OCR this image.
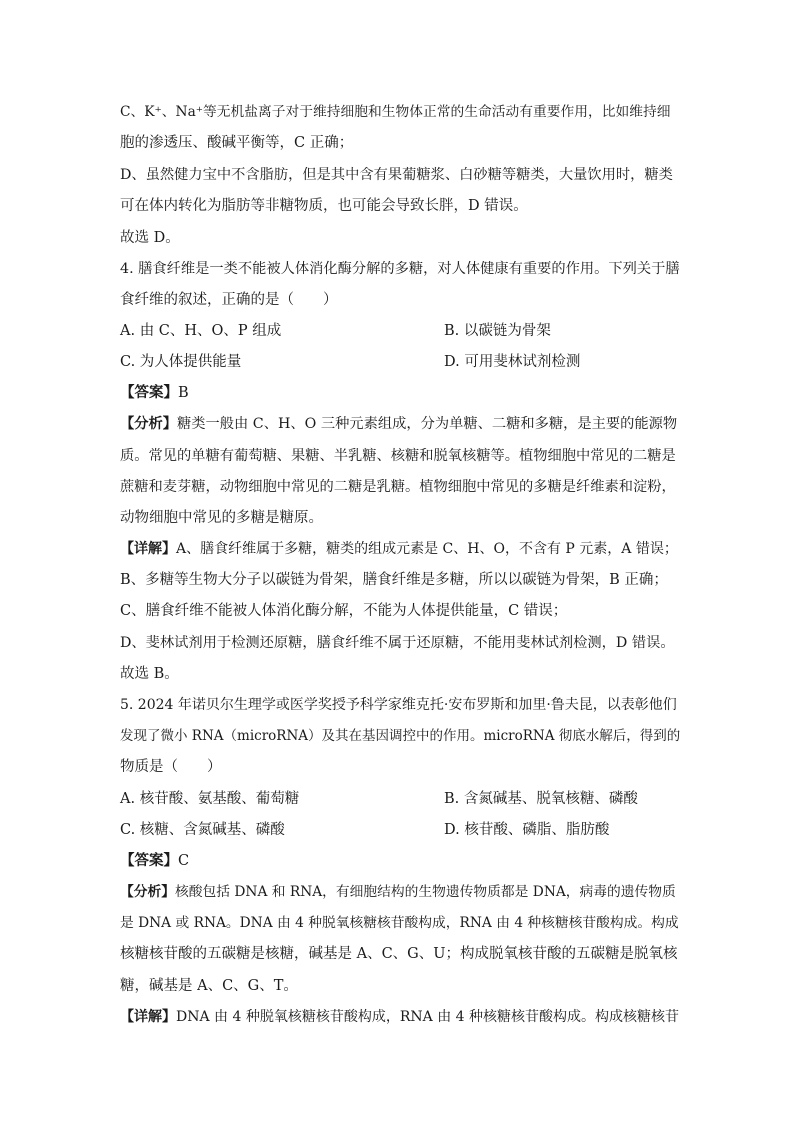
C、K⁺、Na⁺等无机盐离子对于维持细胞和生物体正常的生命活动有重要作用，比如维持细
胞的渗透压、酸碱平衡等，C 正确；
D、虽然健力宝中不含脂肪，但是其中含有果葡糖浆、白砂糖等糖类，大量饮用时，糖类
可在体内转化为脂肪等非糖物质，也可能会导致长胖，D 错误。
故选 D。
4. 膳食纤维是一类不能被人体消化酶分解的多糖，对人体健康有重要的作用。下列关于膳
食纤维的叙述，正确的是（　　）
A. 由 C、H、O、P 组成	B. 以碳链为骨架
C. 为人体提供能量	D. 可用斐林试剂检测
【答案】B
【分析】糖类一般由 C、H、O 三种元素组成，分为单糖、二糖和多糖，是主要的能源物
质。常见的单糖有葡萄糖、果糖、半乳糖、核糖和脱氧核糖等。植物细胞中常见的二糖是
蔗糖和麦芽糖，动物细胞中常见的二糖是乳糖。植物细胞中常见的多糖是纤维素和淀粉，
动物细胞中常见的多糖是糖原。
【详解】A、膳食纤维属于多糖，糖类的组成元素是 C、H、O，不含有 P 元素，A 错误；
B、多糖等生物大分子以碳链为骨架，膳食纤维是多糖，所以以碳链为骨架，B 正确；
C、膳食纤维不能被人体消化酶分解，不能为人体提供能量，C 错误；
D、斐林试剂用于检测还原糖，膳食纤维不属于还原糖，不能用斐林试剂检测，D 错误。
故选 B。
5. 2024 年诺贝尔生理学或医学奖授予科学家维克托·安布罗斯和加里·鲁夫昆，以表彰他们
发现了微小 RNA（microRNA）及其在基因调控中的作用。microRNA 彻底水解后，得到的
物质是（　　）
A. 核苷酸、氨基酸、葡萄糖	B. 含氮碱基、脱氧核糖、磷酸
C. 核糖、含氮碱基、磷酸	D. 核苷酸、磷脂、脂肪酸
【答案】C
【分析】核酸包括 DNA 和 RNA，有细胞结构的生物遗传物质都是 DNA，病毒的遗传物质
是 DNA 或 RNA。DNA 由 4 种脱氧核糖核苷酸构成，RNA 由 4 种核糖核苷酸构成。构成
核糖核苷酸的五碳糖是核糖，碱基是 A、C、G、U；构成脱氧核苷酸的五碳糖是脱氧核
糖，碱基是 A、C、G、T。
【详解】DNA 由 4 种脱氧核糖核苷酸构成，RNA 由 4 种核糖核苷酸构成。构成核糖核苷
